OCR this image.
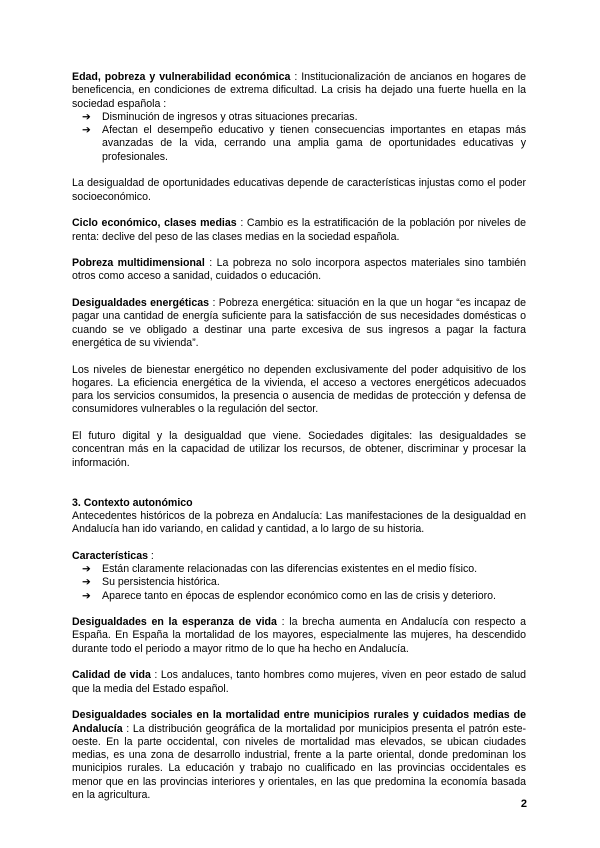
Edad, pobreza y vulnerabilidad económica : Institucionalización de ancianos en hogares de beneficencia, en condiciones de extrema dificultad. La crisis ha dejado una fuerte huella en la sociedad española :

➔ Disminución de ingresos y otras situaciones precarias.
➔ Afectan el desempeño educativo y tienen consecuencias importantes en etapas más avanzadas de la vida, cerrando una amplia gama de oportunidades educativas y profesionales.

La desigualdad de oportunidades educativas depende de características injustas como el poder socioeconómico.

Ciclo económico, clases medias : Cambio es la estratificación de la población por niveles de renta: declive del peso de las clases medias en la sociedad española.

Pobreza multidimensional : La pobreza no solo incorpora aspectos materiales sino también otros como acceso a sanidad, cuidados o educación.

Desigualdades energéticas : Pobreza energética: situación en la que un hogar “es incapaz de pagar una cantidad de energía suficiente para la satisfacción de sus necesidades domésticas o cuando se ve obligado a destinar una parte excesiva de sus ingresos a pagar la factura energética de su vivienda”.

Los niveles de bienestar energético no dependen exclusivamente del poder adquisitivo de los hogares. La eficiencia energética de la vivienda, el acceso a vectores energéticos adecuados para los servicios consumidos, la presencia o ausencia de medidas de protección y defensa de consumidores vulnerables o la regulación del sector.

El futuro digital y la desigualdad que viene. Sociedades digitales: las desigualdades se concentran más en la capacidad de utilizar los recursos, de obtener, discriminar y procesar la información.

3. Contexto autonómico

Antecedentes históricos de la pobreza en Andalucía: Las manifestaciones de la desigualdad en Andalucía han ido variando, en calidad y cantidad, a lo largo de su historia.

Características :

➔ Están claramente relacionadas con las diferencias existentes en el medio físico.
➔ Su persistencia histórica.
➔ Aparece tanto en épocas de esplendor económico como en las de crisis y deterioro.

Desigualdades en la esperanza de vida : la brecha aumenta en Andalucía con respecto a España. En España la mortalidad de los mayores, especialmente las mujeres, ha descendido durante todo el periodo a mayor ritmo de lo que ha hecho en Andalucía.

Calidad de vida : Los andaluces, tanto hombres como mujeres, viven en peor estado de salud que la media del Estado español.

Desigualdades sociales en la mortalidad entre municipios rurales y cuidados medias de Andalucía : La distribución geográfica de la mortalidad por municipios presenta el patrón este-oeste. En la parte occidental, con niveles de mortalidad mas elevados, se ubican ciudades medias, es una zona de desarrollo industrial, frente a la parte oriental, donde predominan los municipios rurales. La educación y trabajo no cualificado en las provincias occidentales es menor que en las provincias interiores y orientales, en las que predomina la economía basada en la agricultura.

2
